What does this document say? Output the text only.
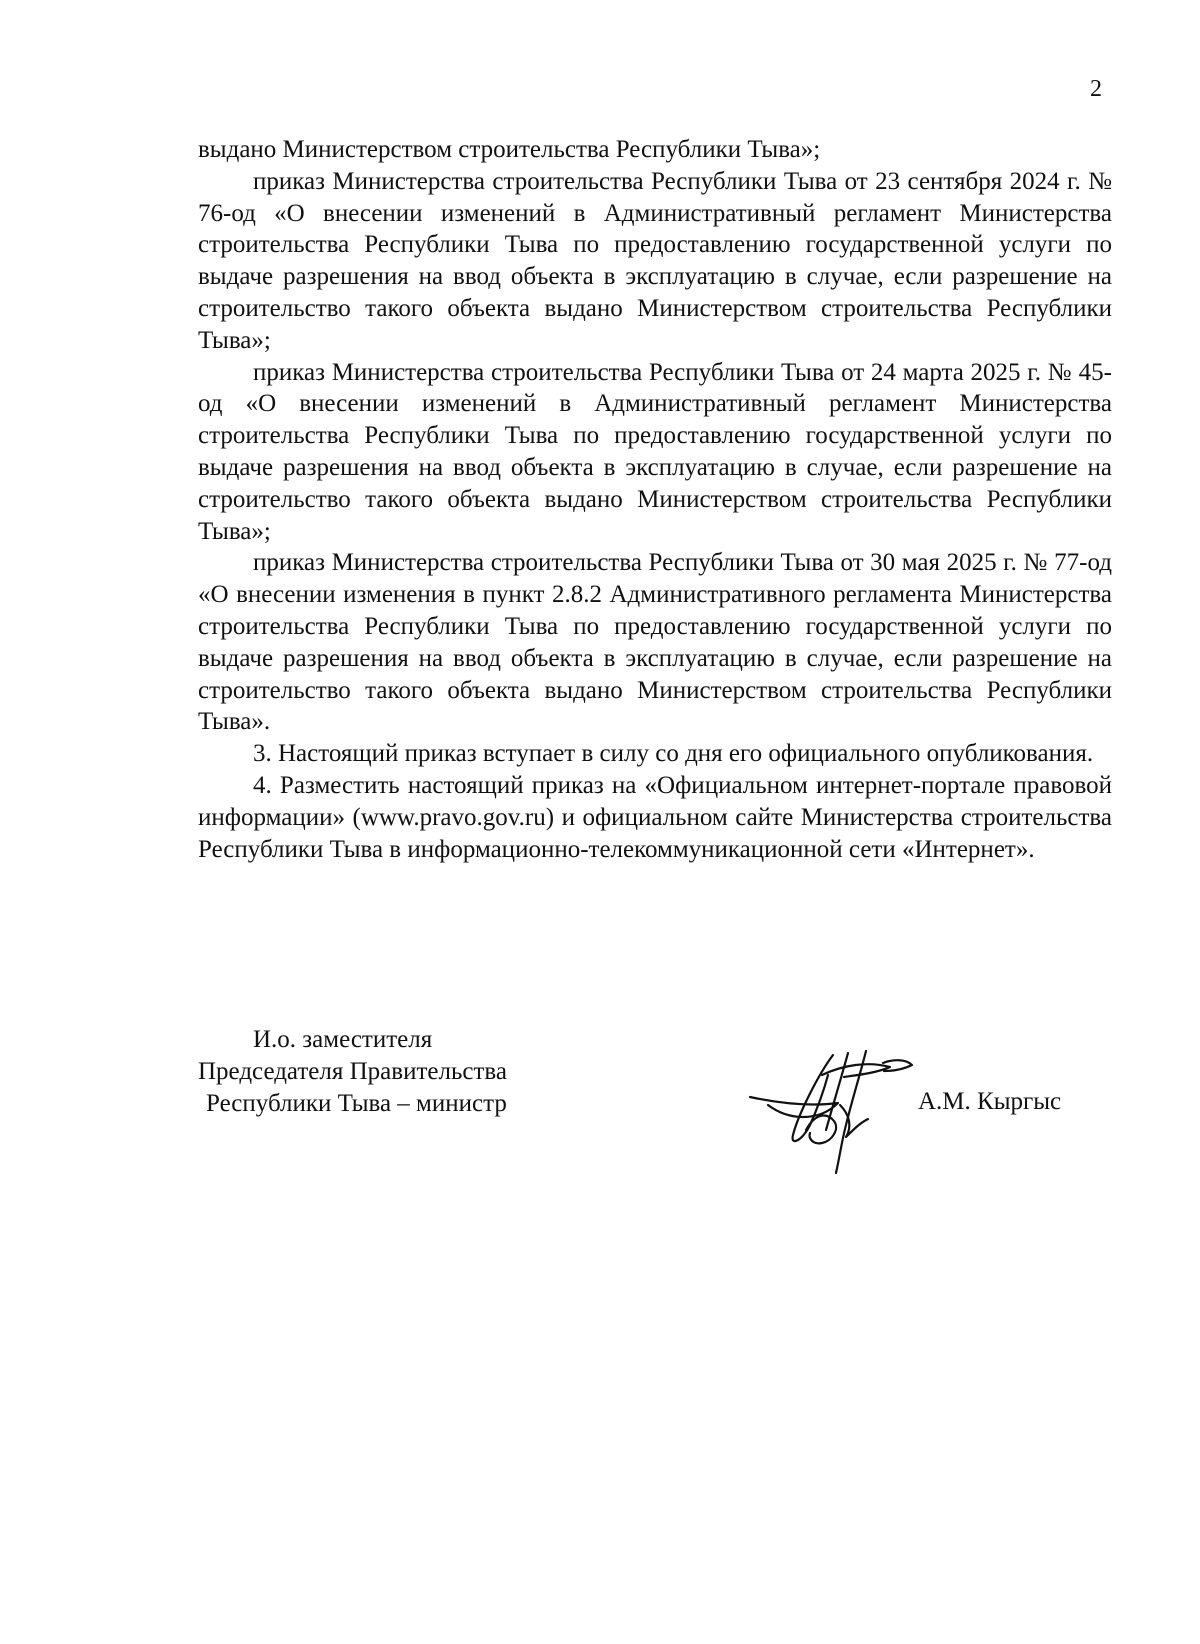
2

выдано Министерством строительства Республики Тыва»;

приказ Министерства строительства Республики Тыва от 23 сентября 2024 г. № 76-од «О внесении изменений в Административный регламент Министерства строительства Республики Тыва по предоставлению государственной услуги по выдаче разрешения на ввод объекта в эксплуатацию в случае, если разрешение на строительство такого объекта выдано Министерством строительства Республики Тыва»;

приказ Министерства строительства Республики Тыва от 24 марта 2025 г. № 45-од «О внесении изменений в Административный регламент Министерства строительства Республики Тыва по предоставлению государственной услуги по выдаче разрешения на ввод объекта в эксплуатацию в случае, если разрешение на строительство такого объекта выдано Министерством строительства Республики Тыва»;

приказ Министерства строительства Республики Тыва от 30 мая 2025 г. № 77-од «О внесении изменения в пункт 2.8.2 Административного регламента Министерства строительства Республики Тыва по предоставлению государственной услуги по выдаче разрешения на ввод объекта в эксплуатацию в случае, если разрешение на строительство такого объекта выдано Министерством строительства Республики Тыва».

3. Настоящий приказ вступает в силу со дня его официального опубликования.

4. Разместить настоящий приказ на «Официальном интернет-портале правовой информации» (www.pravo.gov.ru) и официальном сайте Министерства строительства Республики Тыва в информационно-телекоммуникационной сети «Интернет».

И.о. заместителя
Председателя Правительства
Республики Тыва – министр	А.М. Кыргыс
